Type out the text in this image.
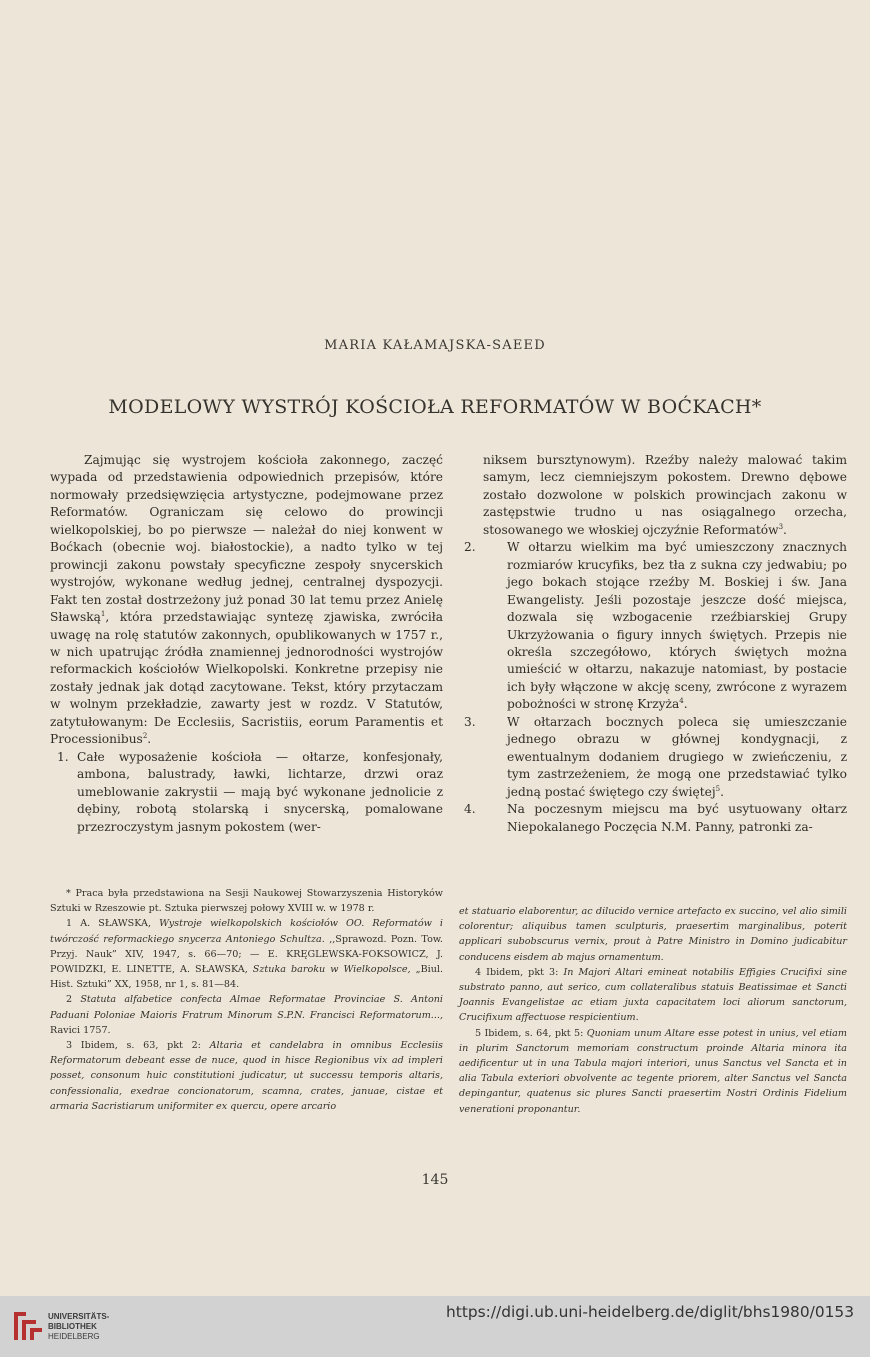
MARIA KAŁAMAJSKA-SAEED
MODELOWY WYSTRÓJ KOŚCIOŁA REFORMATÓW W BOĆKACH*

Zajmując się wystrojem kościoła zakonnego, zaczęć wypada od przedstawienia odpowiednich przepisów, które normowały przedsięwzięcia artystyczne, podejmowane przez Reformatów. Ograniczam się celowo do prowincji wielkopolskiej, bo po pierwsze — należał do niej konwent w Boćkach (obecnie woj. białostockie), a nadto tylko w tej prowincji zakonu powstały specyficzne zespoły snycerskich wystrojów, wykonane według jednej, centralnej dyspozycji. Fakt ten został dostrzeżony już ponad 30 lat temu przez Anielę Sławską$^1$, która przedstawiając syntezę zjawiska, zwróciła uwagę na rolę statutów zakonnych, opublikowanych w 1757 r., w nich upatrując źródła znamiennej jednorodności wystrojów reformackich kościołów Wielkopolski. Konkretne przepisy nie zostały jednak jak dotąd zacytowane. Tekst, który przytaczam w wolnym przekładzie, zawarty jest w rozdz. V Statutów, zatytułowanym: De Ecclesiis, Sacristiis, eorum Paramentis et Processionibus$^2$.

1. Całe wyposażenie kościoła — ołtarze, konfesjonały, ambona, balustrady, ławki, lichtarze, drzwi oraz umeblowanie zakrystii — mają być wykonane jednolicie z dębiny, robotą stolarską i snycerską, pomalowane przezroczystym jasnym pokostem (wer-

niksem bursztynowym). Rzeźby należy malować takim samym, lecz ciemniejszym pokostem. Drewno dębowe zostało dozwolone w polskich prowincjach zakonu w zastępstwie trudno u nas osiągalnego orzecha, stosowanego we włoskiej ojczyźnie Reformatów$^3$.

2.	W ołtarzu wielkim ma być umieszczony znacznych rozmiarów krucyfiks, bez tła z sukna czy jedwabiu; po jego bokach stojące rzeźby M. Boskiej i św. Jana Ewangelisty. Jeśli pozostaje jeszcze dość miejsca, dozwala się wzbogacenie rzeźbiarskiej Grupy Ukrzyżowania o figury innych świętych. Przepis nie określa szczegółowo, których świętych można umieścić w ołtarzu, nakazuje natomiast, by postacie ich były włączone w akcję sceny, zwrócone z wyrazem pobożności w stronę Krzyża$^4$.

3.	W ołtarzach bocznych poleca się umieszczanie jednego obrazu w głównej kondygnacji, z ewentualnym dodaniem drugiego w zwieńczeniu, z tym zastrzeżeniem, że mogą one przedstawiać tylko jedną postać świętego czy świętej$^5$.

4.	Na poczesnym miejscu ma być usytuowany ołtarz Niepokalanego Poczęcia N.M. Panny, patronki za-

* Praca była przedstawiona na Sesji Naukowej Stowarzyszenia Historyków Sztuki w Rzeszowie pt. Sztuka pierwszej połowy XVIII w. w 1978 r.

1 A. SŁAWSKA, Wystroje wielkopolskich kościołów OO. Reformatów i twórczość reformackiego snycerza Antoniego Schultza. ,,Sprawozd. Pozn. Tow. Przyj. Nauk” XIV, 1947, s. 66—70; — E. KRĘGLEWSKA-FOKSOWICZ, J. POWIDZKI, E. LINETTE, A. SŁAWSKA, Sztuka baroku w Wielkopolsce, „Biul. Hist. Sztuki” XX, 1958, nr 1, s. 81—84.

2 Statuta alfabetice confecta Almae Reformatae Provinciae S. Antoni Paduani Poloniae Maioris Fratrum Minorum S.P.N. Francisci Reformatorum..., Ravici 1757.

3 Ibidem, s. 63, pkt 2: Altaria et candelabra in omnibus Ecclesiis Reformatorum debeant esse de nuce, quod in hisce Regionibus vix ad impleri posset, consonum huic constitutioni judicatur, ut successu temporis altaris, confessionalia, exedrae concionatorum, scamna, crates, januae, cistae et armaria Sacristiarum uniformiter ex quercu, opere arcario

et statuario elaborentur, ac dilucido vernice artefacto ex succino, vel alio simili colorentur; aliquibus tamen sculpturis, praesertim marginalibus, poterit applicari subobscurus vernix, prout à Patre Ministro in Domino judicabitur conducens eisdem ab majus ornamentum.

4 Ibidem, pkt 3: In Majori Altari emineat notabilis Effigies Crucifixi sine substrato panno, aut serico, cum collateralibus statuis Beatissimae et Sancti Joannis Evangelistae ac etiam juxta capacitatem loci aliorum sanctorum, Crucifixum affectuose respicientium.

5 Ibidem, s. 64, pkt 5: Quoniam unum Altare esse potest in unius, vel etiam in plurim Sanctorum memoriam constructum proinde Altaria minora ita aedificentur ut in una Tabula majori interiori, unus Sanctus vel Sancta et in alia Tabula exteriori obvolvente ac tegente priorem, alter Sanctus vel Sancta depingantur, quatenus sic plures Sancti praesertim Nostri Ordinis Fidelium venerationi proponantur.

145
UNIVERSITÄTS-
BIBLIOTHEK
HEIDELBERG
https://digi.ub.uni-heidelberg.de/diglit/bhs1980/0153
